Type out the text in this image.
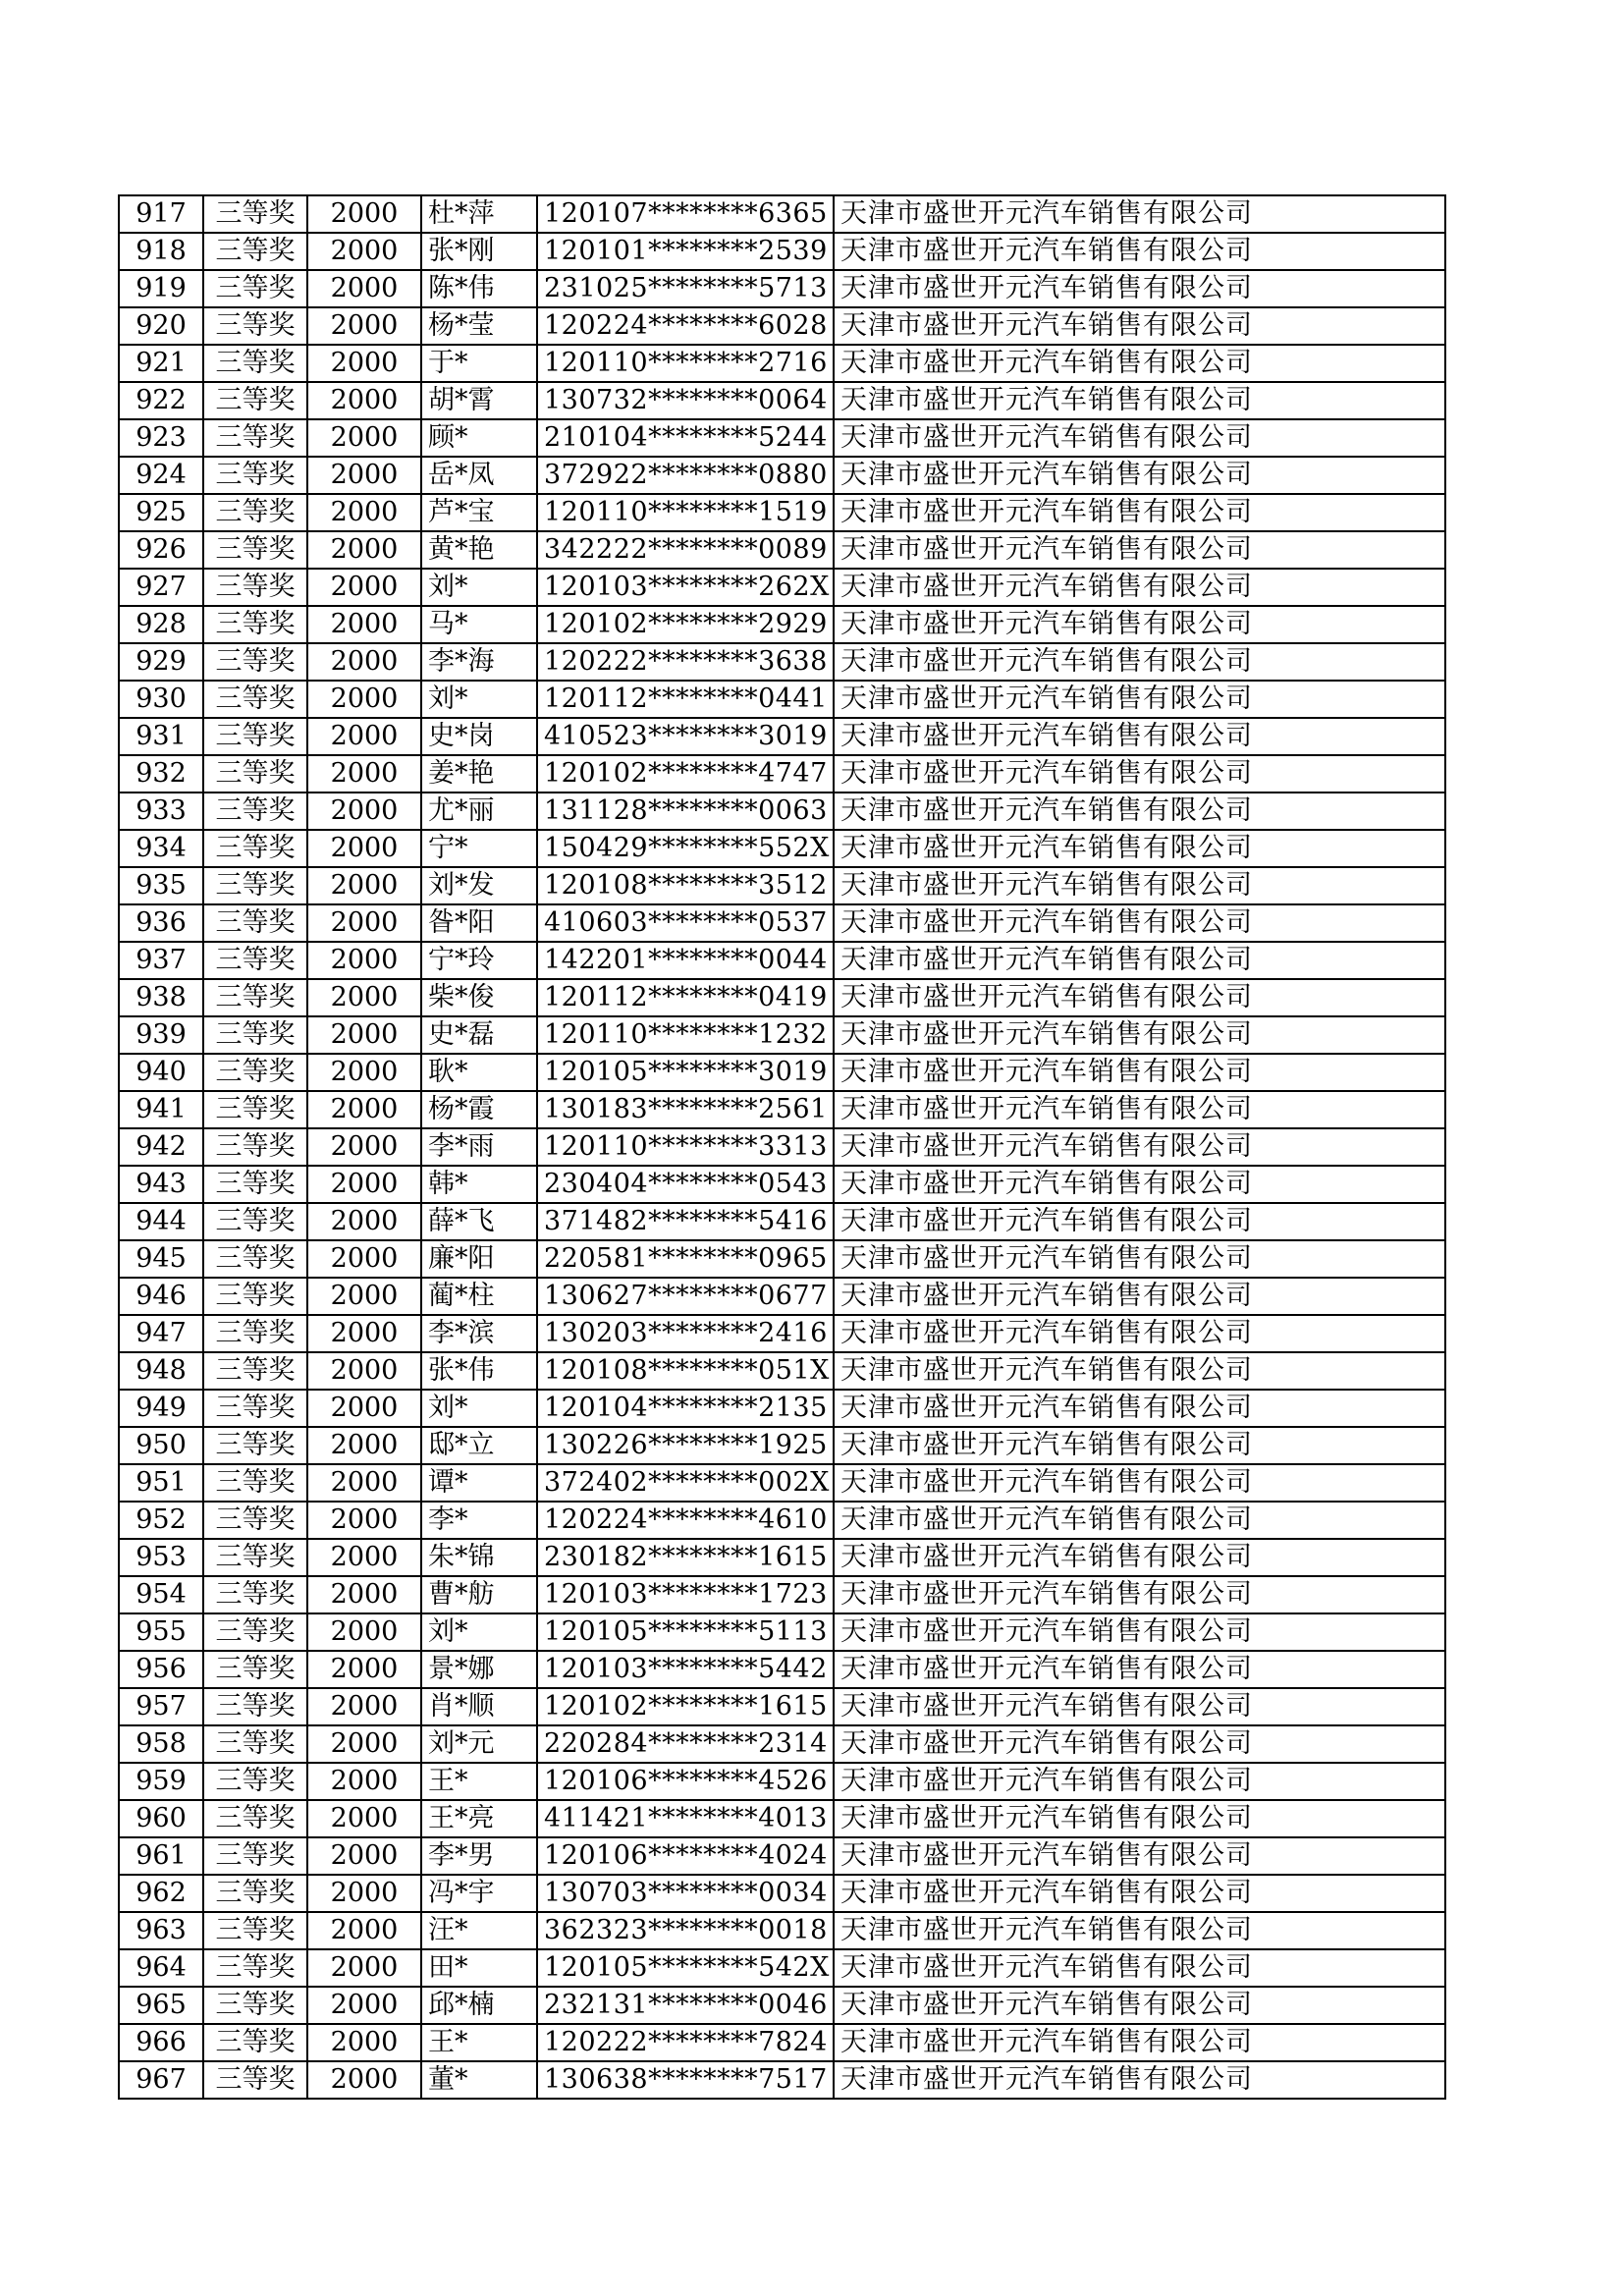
917	三等奖	2000	杜*萍	120107********6365	天津市盛世开元汽车销售有限公司
918	三等奖	2000	张*刚	120101********2539	天津市盛世开元汽车销售有限公司
919	三等奖	2000	陈*伟	231025********5713	天津市盛世开元汽车销售有限公司
920	三等奖	2000	杨*莹	120224********6028	天津市盛世开元汽车销售有限公司
921	三等奖	2000	于*	120110********2716	天津市盛世开元汽车销售有限公司
922	三等奖	2000	胡*霄	130732********0064	天津市盛世开元汽车销售有限公司
923	三等奖	2000	顾*	210104********5244	天津市盛世开元汽车销售有限公司
924	三等奖	2000	岳*凤	372922********0880	天津市盛世开元汽车销售有限公司
925	三等奖	2000	芦*宝	120110********1519	天津市盛世开元汽车销售有限公司
926	三等奖	2000	黄*艳	342222********0089	天津市盛世开元汽车销售有限公司
927	三等奖	2000	刘*	120103********262X	天津市盛世开元汽车销售有限公司
928	三等奖	2000	马*	120102********2929	天津市盛世开元汽车销售有限公司
929	三等奖	2000	李*海	120222********3638	天津市盛世开元汽车销售有限公司
930	三等奖	2000	刘*	120112********0441	天津市盛世开元汽车销售有限公司
931	三等奖	2000	史*岗	410523********3019	天津市盛世开元汽车销售有限公司
932	三等奖	2000	姜*艳	120102********4747	天津市盛世开元汽车销售有限公司
933	三等奖	2000	尤*丽	131128********0063	天津市盛世开元汽车销售有限公司
934	三等奖	2000	宁*	150429********552X	天津市盛世开元汽车销售有限公司
935	三等奖	2000	刘*发	120108********3512	天津市盛世开元汽车销售有限公司
936	三等奖	2000	昝*阳	410603********0537	天津市盛世开元汽车销售有限公司
937	三等奖	2000	宁*玲	142201********0044	天津市盛世开元汽车销售有限公司
938	三等奖	2000	柴*俊	120112********0419	天津市盛世开元汽车销售有限公司
939	三等奖	2000	史*磊	120110********1232	天津市盛世开元汽车销售有限公司
940	三等奖	2000	耿*	120105********3019	天津市盛世开元汽车销售有限公司
941	三等奖	2000	杨*霞	130183********2561	天津市盛世开元汽车销售有限公司
942	三等奖	2000	李*雨	120110********3313	天津市盛世开元汽车销售有限公司
943	三等奖	2000	韩*	230404********0543	天津市盛世开元汽车销售有限公司
944	三等奖	2000	薛*飞	371482********5416	天津市盛世开元汽车销售有限公司
945	三等奖	2000	廉*阳	220581********0965	天津市盛世开元汽车销售有限公司
946	三等奖	2000	蔺*柱	130627********0677	天津市盛世开元汽车销售有限公司
947	三等奖	2000	李*滨	130203********2416	天津市盛世开元汽车销售有限公司
948	三等奖	2000	张*伟	120108********051X	天津市盛世开元汽车销售有限公司
949	三等奖	2000	刘*	120104********2135	天津市盛世开元汽车销售有限公司
950	三等奖	2000	邸*立	130226********1925	天津市盛世开元汽车销售有限公司
951	三等奖	2000	谭*	372402********002X	天津市盛世开元汽车销售有限公司
952	三等奖	2000	李*	120224********4610	天津市盛世开元汽车销售有限公司
953	三等奖	2000	朱*锦	230182********1615	天津市盛世开元汽车销售有限公司
954	三等奖	2000	曹*舫	120103********1723	天津市盛世开元汽车销售有限公司
955	三等奖	2000	刘*	120105********5113	天津市盛世开元汽车销售有限公司
956	三等奖	2000	景*娜	120103********5442	天津市盛世开元汽车销售有限公司
957	三等奖	2000	肖*顺	120102********1615	天津市盛世开元汽车销售有限公司
958	三等奖	2000	刘*元	220284********2314	天津市盛世开元汽车销售有限公司
959	三等奖	2000	王*	120106********4526	天津市盛世开元汽车销售有限公司
960	三等奖	2000	王*亮	411421********4013	天津市盛世开元汽车销售有限公司
961	三等奖	2000	李*男	120106********4024	天津市盛世开元汽车销售有限公司
962	三等奖	2000	冯*宇	130703********0034	天津市盛世开元汽车销售有限公司
963	三等奖	2000	汪*	362323********0018	天津市盛世开元汽车销售有限公司
964	三等奖	2000	田*	120105********542X	天津市盛世开元汽车销售有限公司
965	三等奖	2000	邱*楠	232131********0046	天津市盛世开元汽车销售有限公司
966	三等奖	2000	王*	120222********7824	天津市盛世开元汽车销售有限公司
967	三等奖	2000	董*	130638********7517	天津市盛世开元汽车销售有限公司
